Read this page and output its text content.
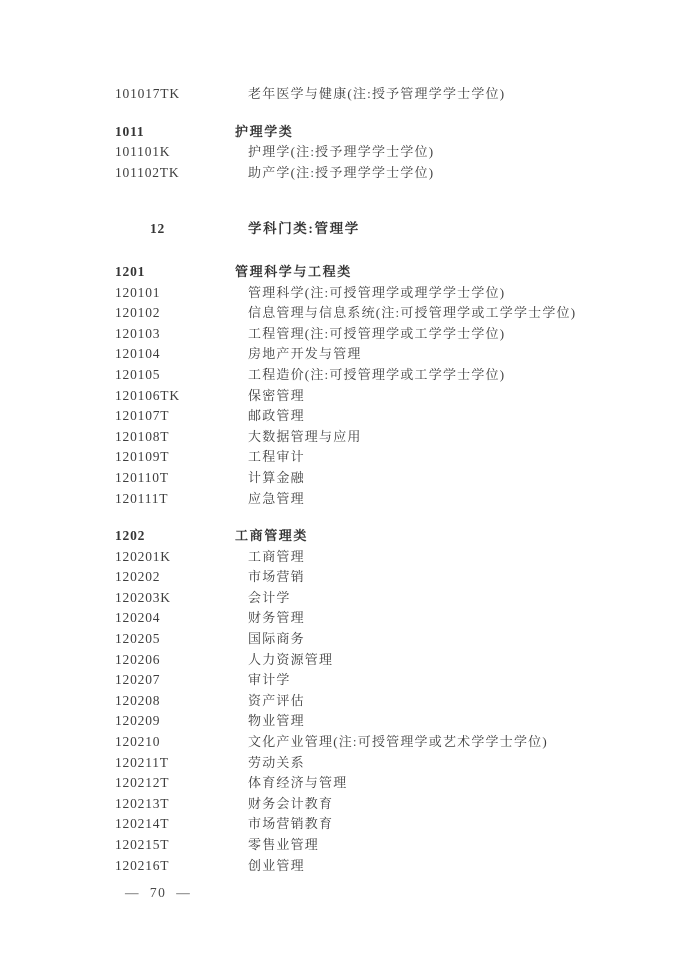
101017TK	老年医学与健康(注:授予管理学学士学位)
1011	护理学类
101101K	护理学(注:授予理学学士学位)
101102TK	助产学(注:授予理学学士学位)
12	学科门类:管理学
1201	管理科学与工程类
120101	管理科学(注:可授管理学或理学学士学位)
120102	信息管理与信息系统(注:可授管理学或工学学士学位)
120103	工程管理(注:可授管理学或工学学士学位)
120104	房地产开发与管理
120105	工程造价(注:可授管理学或工学学士学位)
120106TK	保密管理
120107T	邮政管理
120108T	大数据管理与应用
120109T	工程审计
120110T	计算金融
120111T	应急管理
1202	工商管理类
120201K	工商管理
120202	市场营销
120203K	会计学
120204	财务管理
120205	国际商务
120206	人力资源管理
120207	审计学
120208	资产评估
120209	物业管理
120210	文化产业管理(注:可授管理学或艺术学学士学位)
120211T	劳动关系
120212T	体育经济与管理
120213T	财务会计教育
120214T	市场营销教育
120215T	零售业管理
120216T	创业管理
— 70 —
